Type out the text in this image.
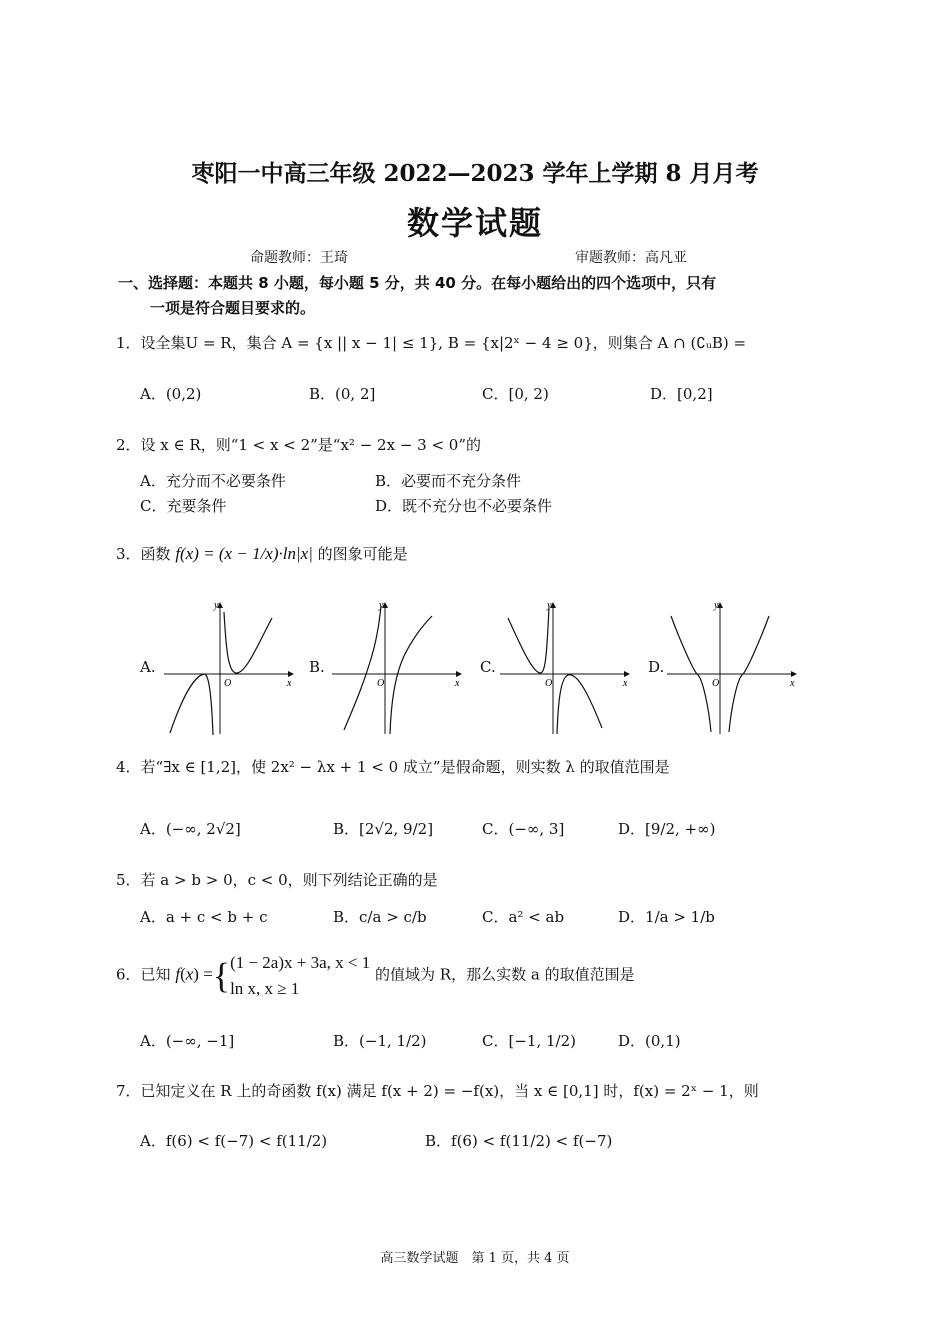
枣阳一中高三年级 2022—2023 学年上学期 8 月月考
数学试题
命题教师：王琦	审题教师：高凡亚
一、选择题：本题共 8 小题，每小题 5 分，共 40 分。在每小题给出的四个选项中，只有
一项是符合题目要求的。
1．设全集U = R，集合 A = {x || x − 1| ≤ 1}, B = {x|2ˣ − 4 ≥ 0}，则集合 A ∩ (∁ᵤB) =
A．(0,2)	B．(0, 2]	C．[0, 2)	D．[0,2]
2．设 x ∈ R，则“1 < x < 2”是“x² − 2x − 3 < 0”的
A．充分而不必要条件	B．必要而不充分条件
C．充要条件	D．既不充分也不必要条件
3．函数 f(x) = (x − 1/x)·ln|x| 的图象可能是
A.	B.	C.	D.
y
x
O
y
x
O
y
x
O
y
x
O
4．若“∃x ∈ [1,2]，使 2x² − λx + 1 < 0 成立”是假命题，则实数 λ 的取值范围是
A．(−∞, 2√2]	B．[2√2, 9/2]	C．(−∞, 3]	D．[9/2, +∞)
5．若 a > b > 0，c < 0，则下列结论正确的是
A．a + c < b + c	B．c/a > c/b	C．a² < ab	D．1/a > 1/b
6．已知 f(x) ={ (1 − 2a)x + 3a, x < 1
ln x, x ≥ 1
的值域为 R，那么实数 a 的取值范围是
A．(−∞, −1]	B．(−1, 1/2)	C．[−1, 1/2)	D．(0,1)
7．已知定义在 R 上的奇函数 f(x) 满足 f(x + 2) = −f(x)，当 x ∈ [0,1] 时，f(x) = 2ˣ − 1，则
A．f(6) < f(−7) < f(11/2)	B．f(6) < f(11/2) < f(−7)
高三数学试题　第 1 页，共 4 页
